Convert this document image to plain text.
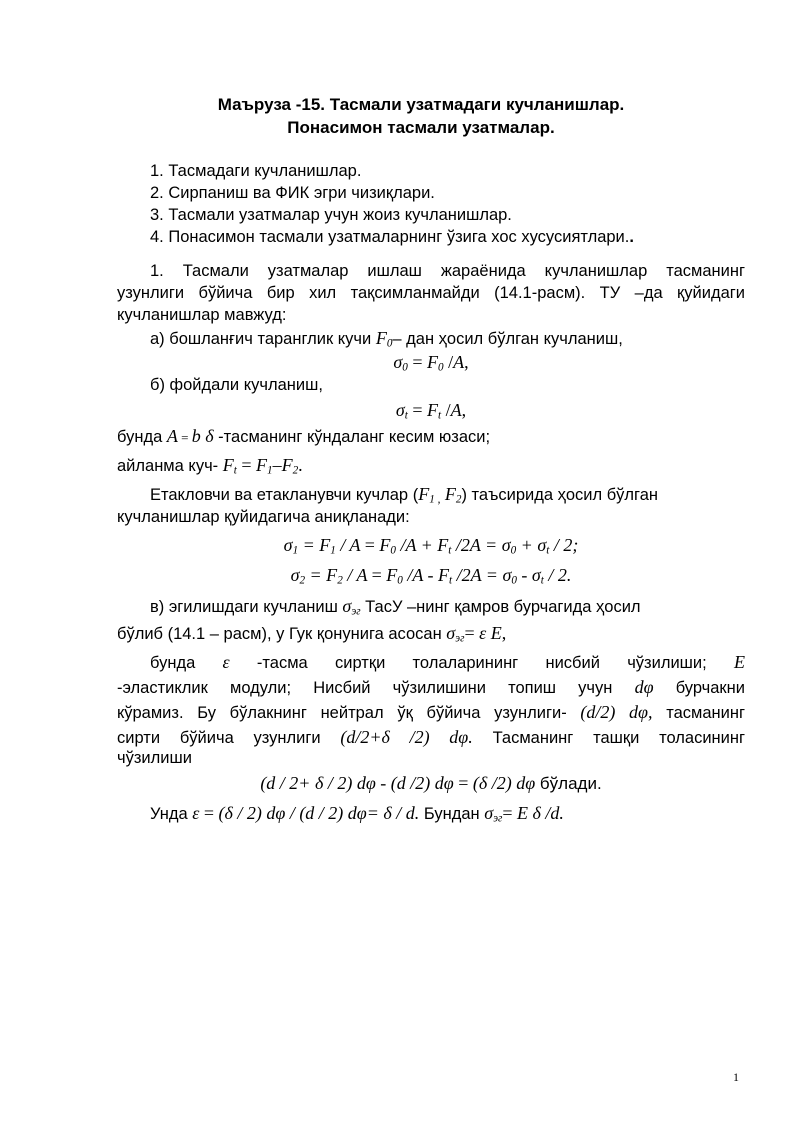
Маъруза -15. Тасмали узатмадаги кучланишлар.
Понасимон тасмали узатмалар.
1. Тасмадаги кучланишлар.
2. Сирпаниш ва ФИК эгри чизиқлари.
3. Тасмали узатмалар учун жоиз кучланишлар.
4. Понасимон тасмали узатмаларнинг ўзига хос хусусиятлари..
1. Тасмали узатмалар ишлаш жараёнида кучланишлар тасманинг
узунлиги бўйича бир хил тақсимланмайди (14.1-расм). ТУ –да қуйидаги
кучланишлар мавжуд:
а) бошланғич таранглик кучи $F_0-$ дан ҳосил бўлган кучланиш,
$\sigma_0 = F_0$ /A,
б) фойдали кучланиш,
$\sigma_t = F_t$ /A,
бунда A = b δ -тасманинг кўндаланг кесим юзаси;
айланма куч- $F_t = F_1-F_2$.
Етакловчи ва етакланувчи кучлар ($F_{1 ,}$ $F_2$) таъсирида ҳосил бўлган
кучланишлар қуйидагича аниқланади:
$\sigma_1 = F_1 / A = F_0$ $/A + F_t$ $/2A = \sigma_0 + \sigma_t / 2$;
$\sigma_2 = F_2 / A = F_0$ $/A - F_t$ $/2A = \sigma_0 - \sigma_t / 2$.
в) эгилишдаги кучланиш $\sigma_{эг}$ ТасУ –нинг қамров бурчагида ҳосил
бўлиб (14.1 – расм), у Гук қонунига асосан $\sigma_{эг}= \varepsilon$ E,
бунда ε -тасма сиртқи толаларининг нисбий чўзилиши; E
-эластиклик модули; Нисбий чўзилишини топиш учун dφ бурчакни
кўрамиз. Бу бўлакнинг нейтрал ўқ бўйича узунлиги- (d/2) dφ, тасманинг
сирти бўйича узунлиги (d/2+δ /2) dφ. Тасманинг ташқи толасининг
чўзилиши
(d / 2+ δ / 2) dφ - (d /2) dφ = (δ /2) dφ бўлади.
Унда ε = (δ / 2) dφ / (d / 2) dφ= δ / d. Бундан $\sigma_{эг}= E$ δ /d.
1
